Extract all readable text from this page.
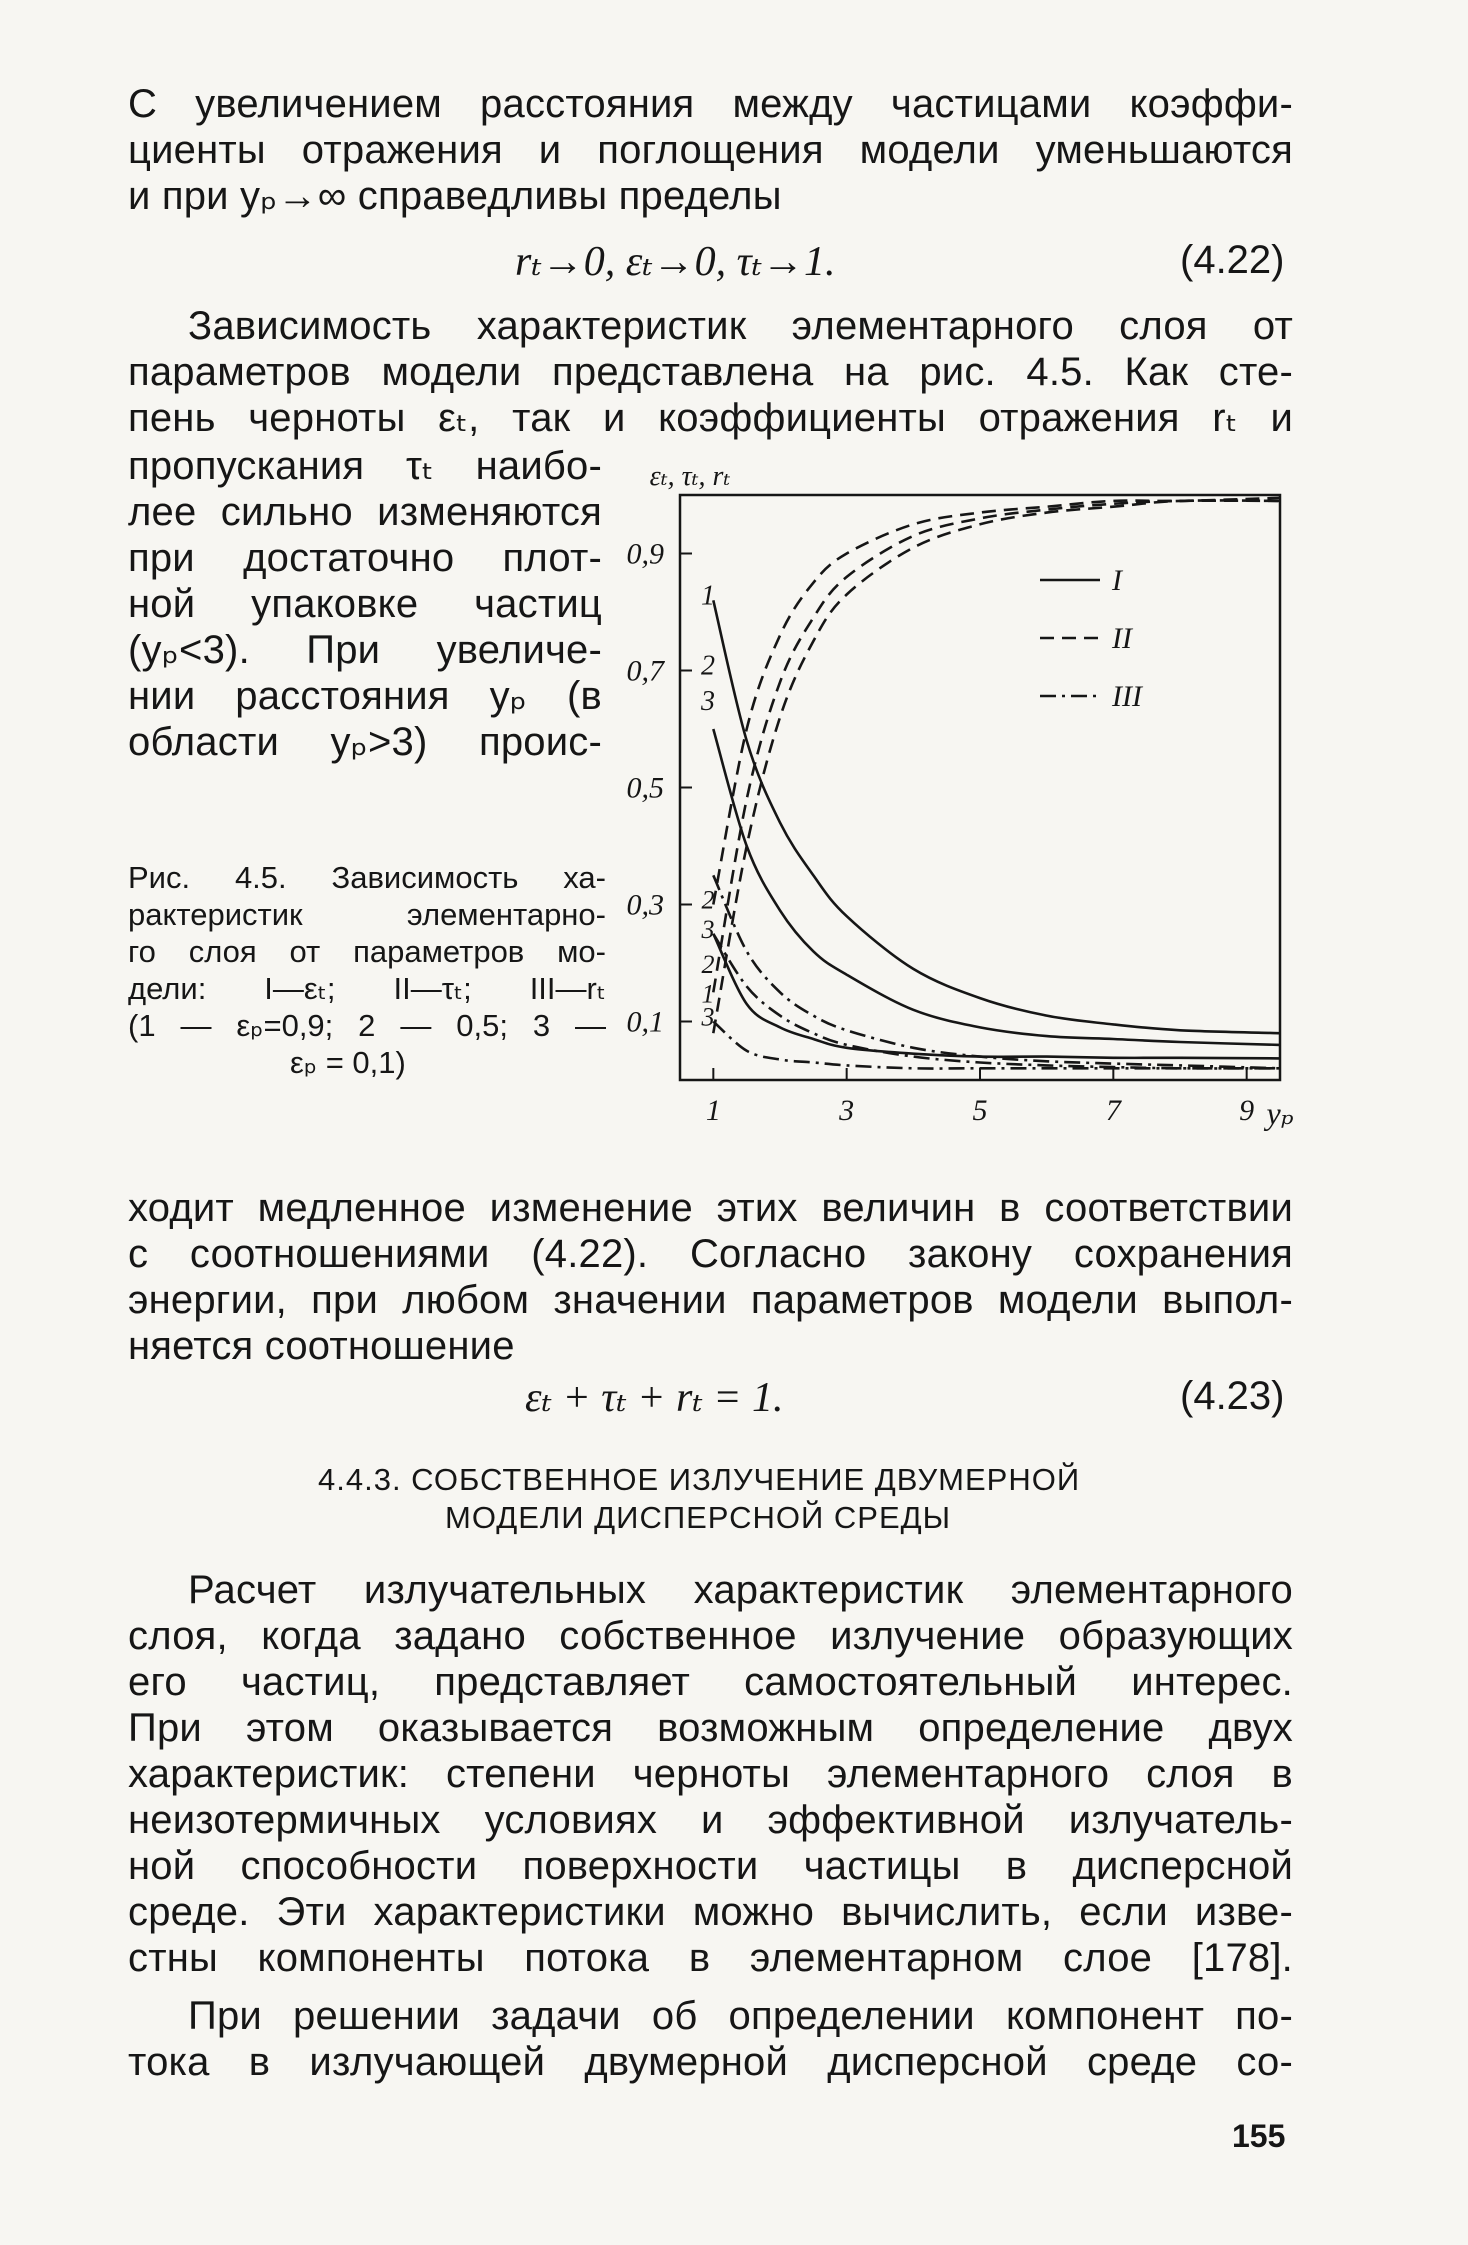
С увеличением расстояния между частицами коэффи-
циенты отражения и поглощения модели уменьшаются
и при yₚ→∞ справедливы пределы
rₜ→0, εₜ→0, τₜ→1.	(4.22)
Зависимость характеристик элементарного слоя от
параметров модели представлена на рис. 4.5. Как сте-
пень черноты εₜ, так и коэффициенты отражения rₜ и
пропускания τₜ наибо-
лее сильно изменяются
при достаточно плот-
ной упаковке частиц
(yₚ<3). При увеличе-
нии расстояния yₚ (в
области yₚ>3) проис-
Рис. 4.5. Зависимость ха-
рактеристик элементарно-
го слоя от параметров мо-
дели: I—εₜ; II—τₜ; III—rₜ
(1 — εₚ=0,9; 2 — 0,5; 3 —
εₚ = 0,1)
0,9
0,7
0,5
0,3
0,1
1	3	5	7	9
εₜ, τₜ, rₜ
yₚ
I
II
III
1
2
3
2
3
2
1
3
ходит медленное изменение этих величин в соответствии
с соотношениями (4.22). Согласно закону сохранения
энергии, при любом значении параметров модели выпол-
няется соотношение
εₜ + τₜ + rₜ = 1.	(4.23)
4.4.3. СОБСТВЕННОЕ ИЗЛУЧЕНИЕ ДВУМЕРНОЙ
МОДЕЛИ ДИСПЕРСНОЙ СРЕДЫ
Расчет излучательных характеристик элементарного
слоя, когда задано собственное излучение образующих
его частиц, представляет самостоятельный интерес.
При этом оказывается возможным определение двух
характеристик: степени черноты элементарного слоя в
неизотермичных условиях и эффективной излучатель-
ной способности поверхности частицы в дисперсной
среде. Эти характеристики можно вычислить, если изве-
стны компоненты потока в элементарном слое [178].
При решении задачи об определении компонент по-
тока в излучающей двумерной дисперсной среде со-
155
